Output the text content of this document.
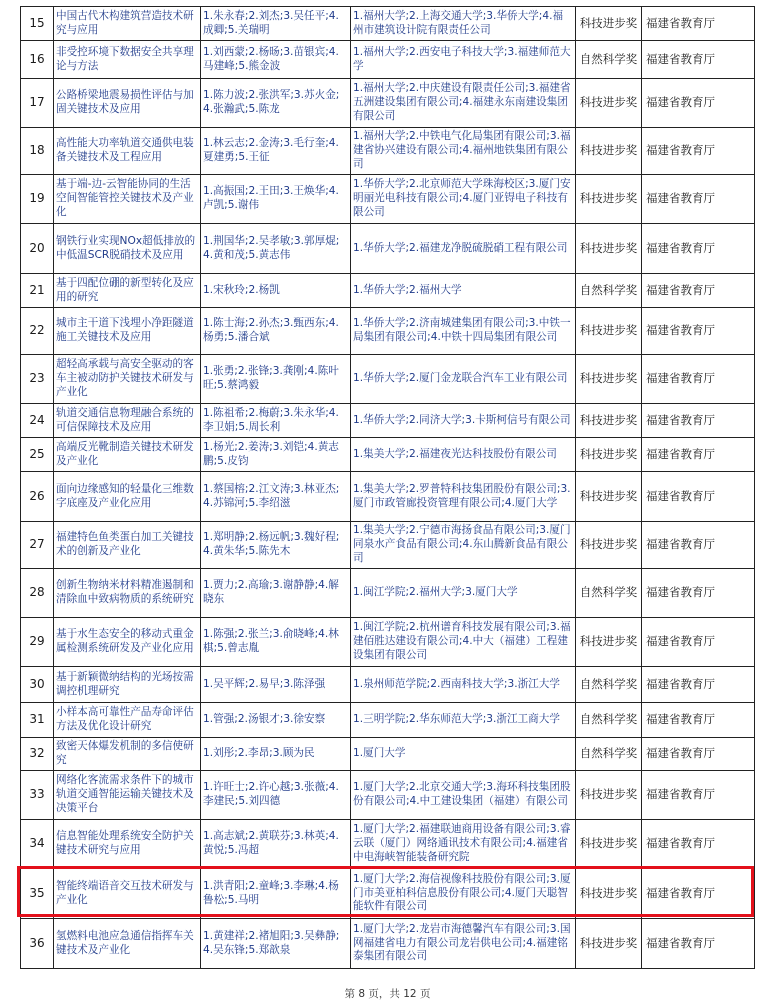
15	中国古代木构建筑营造技术研究与应用	1.朱永春;2.刘杰;3.吴任平;4.成卿;5.关瑞明	1.福州大学;2.上海交通大学;3.华侨大学;4.福州市建筑设计院有限责任公司	科技进步奖	福建省教育厅
16	非受控环境下数据安全共享理论与方法	1.刘西蒙;2.杨旸;3.苗银宾;4.马建峰;5.熊金波	1.福州大学;2.西安电子科技大学;3.福建师范大学	自然科学奖	福建省教育厅
17	公路桥梁地震易损性评估与加固关键技术及应用	1.陈力波;2.张洪军;3.苏火金;4.张瀚武;5.陈龙	1.福州大学;2.中庆建设有限责任公司;3.福建省五洲建设集团有限公司;4.福建永东南建设集团有限公司	科技进步奖	福建省教育厅
18	高性能大功率轨道交通供电装备关键技术及工程应用	1.林云志;2.金涛;3.毛行奎;4.夏建勇;5.王征	1.福州大学;2.中铁电气化局集团有限公司;3.福建省协兴建设有限公司;4.福州地铁集团有限公司	科技进步奖	福建省教育厅
19	基于端-边-云智能协同的生活空间智能管控关键技术及产业化	1.高振国;2.王田;3.王焕华;4.卢凯;5.谢伟	1.华侨大学;2.北京师范大学珠海校区;3.厦门安明丽光电科技有限公司;4.厦门亚锝电子科技有限公司	科技进步奖	福建省教育厅
20	钢铁行业实现NOx超低排放的中低温SCR脱硝技术及应用	1.荆国华;2.吴孝敏;3.郭厚焜;4.黄和茂;5.黄志伟	1.华侨大学;2.福建龙净脱硫脱硝工程有限公司	科技进步奖	福建省教育厅
21	基于四配位硼的新型转化及应用的研究	1.宋秋玲;2.杨凯	1.华侨大学;2.福州大学	自然科学奖	福建省教育厅
22	城市主干道下浅埋小净距隧道施工关键技术及应用	1.陈士海;2.孙杰;3.甄西东;4.杨勇;5.潘合斌	1.华侨大学;2.济南城建集团有限公司;3.中铁一局集团有限公司;4.中铁十四局集团有限公司	科技进步奖	福建省教育厅
23	超轻高承载与高安全驱动的客车主被动防护关键技术研发与产业化	1.张勇;2.张锋;3.龚刚;4.陈叶旺;5.蔡鸿毅	1.华侨大学;2.厦门金龙联合汽车工业有限公司	科技进步奖	福建省教育厅
24	轨道交通信息物理融合系统的可信保障技术及应用	1.陈祖希;2.梅蔚;3.朱永华;4.李卫娟;5.周长利	1.华侨大学;2.同济大学;3.卡斯柯信号有限公司	科技进步奖	福建省教育厅
25	高端反光靴制造关键技术研发及产业化	1.杨光;2.姜涛;3.刘铠;4.黄志鹏;5.皮钧	1.集美大学;2.福建夜光达科技股份有限公司	科技进步奖	福建省教育厅
26	面向边缘感知的轻量化三维数字底座及产业化应用	1.蔡国榕;2.江文涛;3.林亚杰;4.苏锦河;5.李绍滋	1.集美大学;2.罗普特科技集团股份有限公司;3.厦门市政管廊投资管理有限公司;4.厦门大学	科技进步奖	福建省教育厅
27	福建特色鱼类蛋白加工关键技术的创新及产业化	1.郑明静;2.杨远帆;3.魏好程;4.黄朱华;5.陈先木	1.集美大学;2.宁德市海扬食品有限公司;3.厦门同泉水产食品有限公司;4.东山腾新食品有限公司	科技进步奖	福建省教育厅
28	创新生物纳米材料精准遏制和清除血中致病物质的系统研究	1.贾力;2.高瑜;3.谢静静;4.解晓东	1.闽江学院;2.福州大学;3.厦门大学	自然科学奖	福建省教育厅
29	基于水生态安全的移动式重金属检测系统研发及产业化应用	1.陈强;2.张兰;3.俞晓峰;4.林棋;5.曾志胤	1.闽江学院;2.杭州谱育科技发展有限公司;3.福建佰胜达建设有限公司;4.中大（福建）工程建设集团有限公司	科技进步奖	福建省教育厅
30	基于新颖微纳结构的光场按需调控机理研究	1.吴平辉;2.易早;3.陈泽强	1.泉州师范学院;2.西南科技大学;3.浙江大学	自然科学奖	福建省教育厅
31	小样本高可靠性产品寿命评估方法及优化设计研究	1.管强;2.汤银才;3.徐安察	1.三明学院;2.华东师范大学;3.浙江工商大学	自然科学奖	福建省教育厅
32	致密天体爆发机制的多信使研究	1.刘彤;2.李昂;3.顾为民	1.厦门大学	自然科学奖	福建省教育厅
33	网络化客流需求条件下的城市轨道交通智能运输关键技术及决策平台	1.许旺士;2.许心越;3.张薇;4.李建民;5.刘四德	1.厦门大学;2.北京交通大学;3.海环科技集团股份有限公司;4.中工建设集团（福建）有限公司	科技进步奖	福建省教育厅
34	信息智能处理系统安全防护关键技术研究与应用	1.高志斌;2.黄联芬;3.林英;4.黄悦;5.冯超	1.厦门大学;2.福建联迪商用设备有限公司;3.睿云联（厦门）网络通讯技术有限公司;4.福建省中电海峡智能装备研究院	科技进步奖	福建省教育厅
35	智能终端语音交互技术研发与产业化	1.洪青阳;2.童峰;3.李琳;4.杨鲁松;5.马明	1.厦门大学;2.海信视像科技股份有限公司;3.厦门市美亚柏科信息股份有限公司;4.厦门天聪智能软件有限公司	科技进步奖	福建省教育厅
36	氢燃料电池应急通信指挥车关键技术及产业化	1.黄建祥;2.褚旭阳;3.吴彝静;4.吴东锋;5.郑歆泉	1.厦门大学;2.龙岩市海德馨汽车有限公司;3.国网福建省电力有限公司龙岩供电公司;4.福建铭泰集团有限公司	科技进步奖	福建省教育厅
第 8 页，共 12 页
